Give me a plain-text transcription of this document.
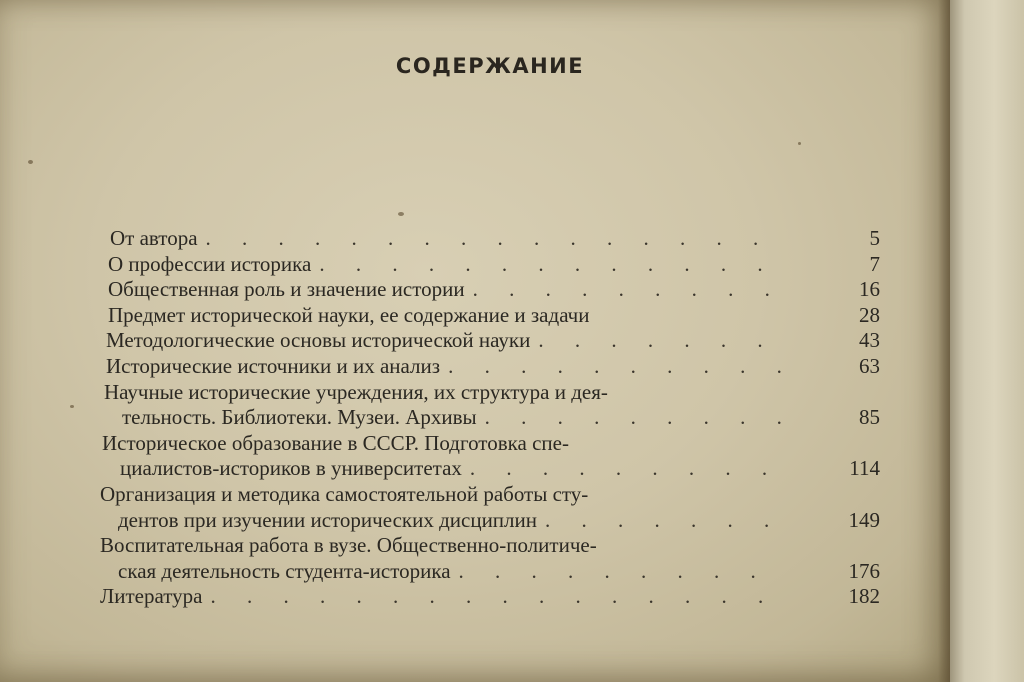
СОДЕРЖАНИЕ
От автора . . .	5
О профессии историка . . .	7
Общественная роль и значение истории . . .	16
Предмет исторической науки, ее содержание и задачи	28
Методологические основы исторической науки . . .	43
Исторические источники и их анализ . . .	63
Научные исторические учреждения, их структура и дея-
тельность. Библиотеки. Музеи. Архивы . . .	85
Историческое образование в СССР. Подготовка спе-
циалистов-историков в университетах . . .	114
Организация и методика самостоятельной работы сту-
дентов при изучении исторических дисциплин . . .	149
Воспитательная работа в вузе. Общественно-политиче-
ская деятельность студента-историка . . .	176
Литература . . .	182
